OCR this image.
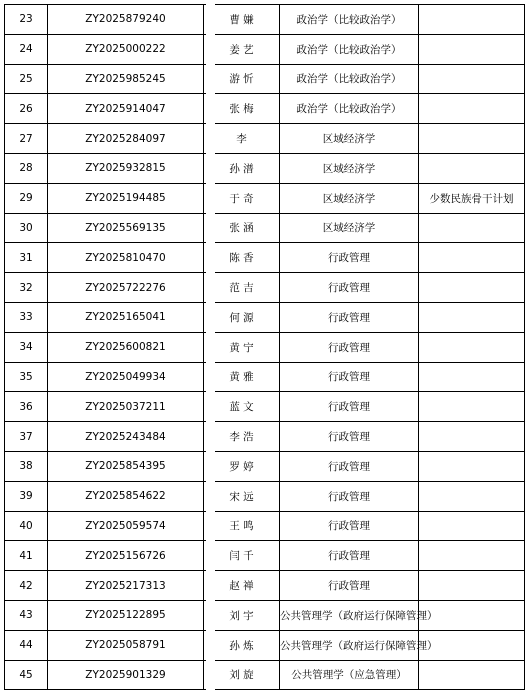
23	ZY2025879240	曹 嫌	政治学（比较政治学）	
24	ZY2025000222	姜 艺	政治学（比较政治学）	
25	ZY2025985245	游 忻	政治学（比较政治学）	
26	ZY2025914047	张 梅	政治学（比较政治学）	
27	ZY2025284097	李	区域经济学	
28	ZY2025932815	孙 潽	区域经济学	
29	ZY2025194485	于 奇	区域经济学	少数民族骨干计划
30	ZY2025569135	张 涵	区域经济学	
31	ZY2025810470	陈 香	行政管理	
32	ZY2025722276	范 吉	行政管理	
33	ZY2025165041	何 源	行政管理	
34	ZY2025600821	黄 宁	行政管理	
35	ZY2025049934	黄 雅	行政管理	
36	ZY2025037211	蓝 文	行政管理	
37	ZY2025243484	李 浩	行政管理	
38	ZY2025854395	罗 婷	行政管理	
39	ZY2025854622	宋 远	行政管理	
40	ZY2025059574	王 鸣	行政管理	
41	ZY2025156726	闫 千	行政管理	
42	ZY2025217313	赵 禅	行政管理	
43	ZY2025122895	刘 宇	公共管理学（政府运行保障管理）	
44	ZY2025058791	孙 炼	公共管理学（政府运行保障管理）	
45	ZY2025901329	刘 旋	公共管理学（应急管理）	
